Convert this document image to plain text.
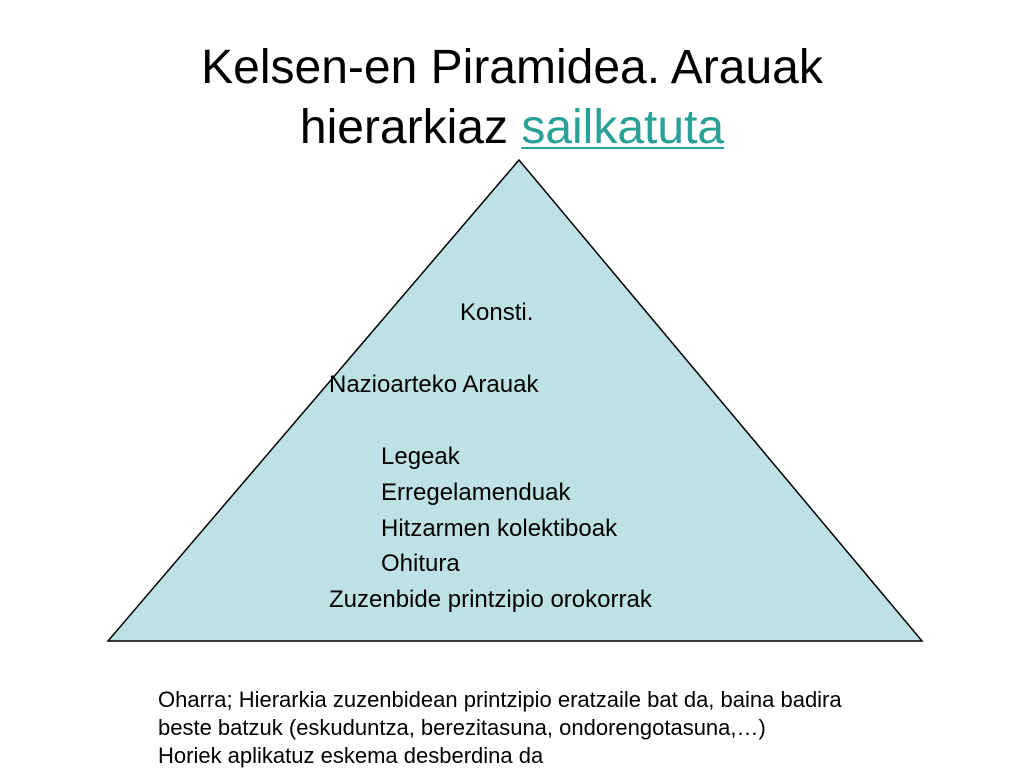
Kelsen-en Piramidea. Arauak
hierarkiaz sailkatuta
Konsti.
Nazioarteko Arauak
Legeak
Erregelamenduak
Hitzarmen kolektiboak
Ohitura
Zuzenbide printzipio orokorrak
Oharra; Hierarkia zuzenbidean printzipio eratzaile bat da, baina badira
beste batzuk (eskuduntza, berezitasuna, ondorengotasuna,…)
Horiek aplikatuz eskema desberdina da
